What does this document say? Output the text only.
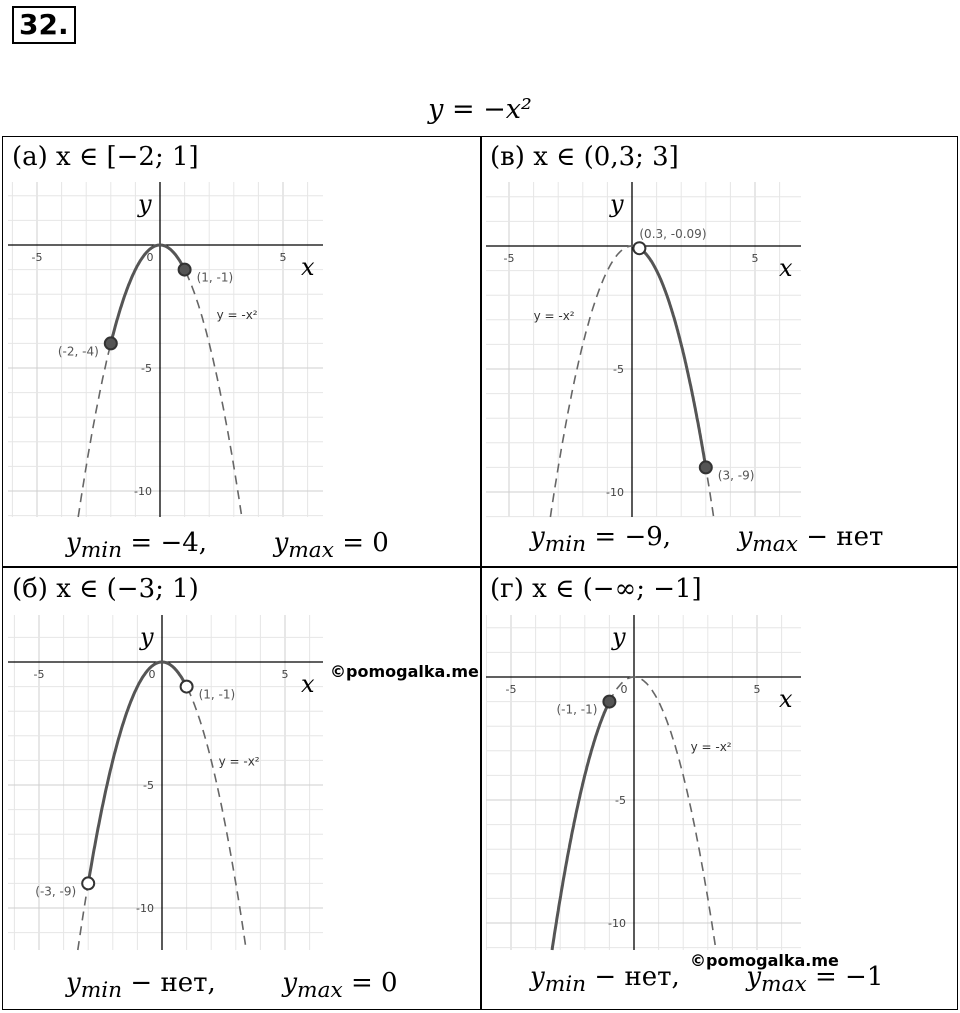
32.
y = −x²
(а) x ∈ [−2; 1]	(в) x ∈ (0,3; 3]
(б) x ∈ (−3; 1)	(г) x ∈ (−∞; −1]
-5	0	5
-5
-10
x
y
y = -x²
(-2, -4)
(1, -1)
-5	5
-5
-10
x
y
y = -x²
(0.3, -0.09)
(3, -9)
-5	0	5
-5
-10
x
y
y = -x²
(-3, -9)
(1, -1)	-5	0	5
-5
-10
x
y
y = -x²
(-1, -1)
$y_{min} = -4$,	$y_{max} = 0$	$y_{min} = -9$,	$y_{max}$ − нет
$y_{min}$ − нет,	$y_{max} = 0$	$y_{min}$ − нет,	$y_{max} = -1$
©pomogalka.me
©pomogalka.me
